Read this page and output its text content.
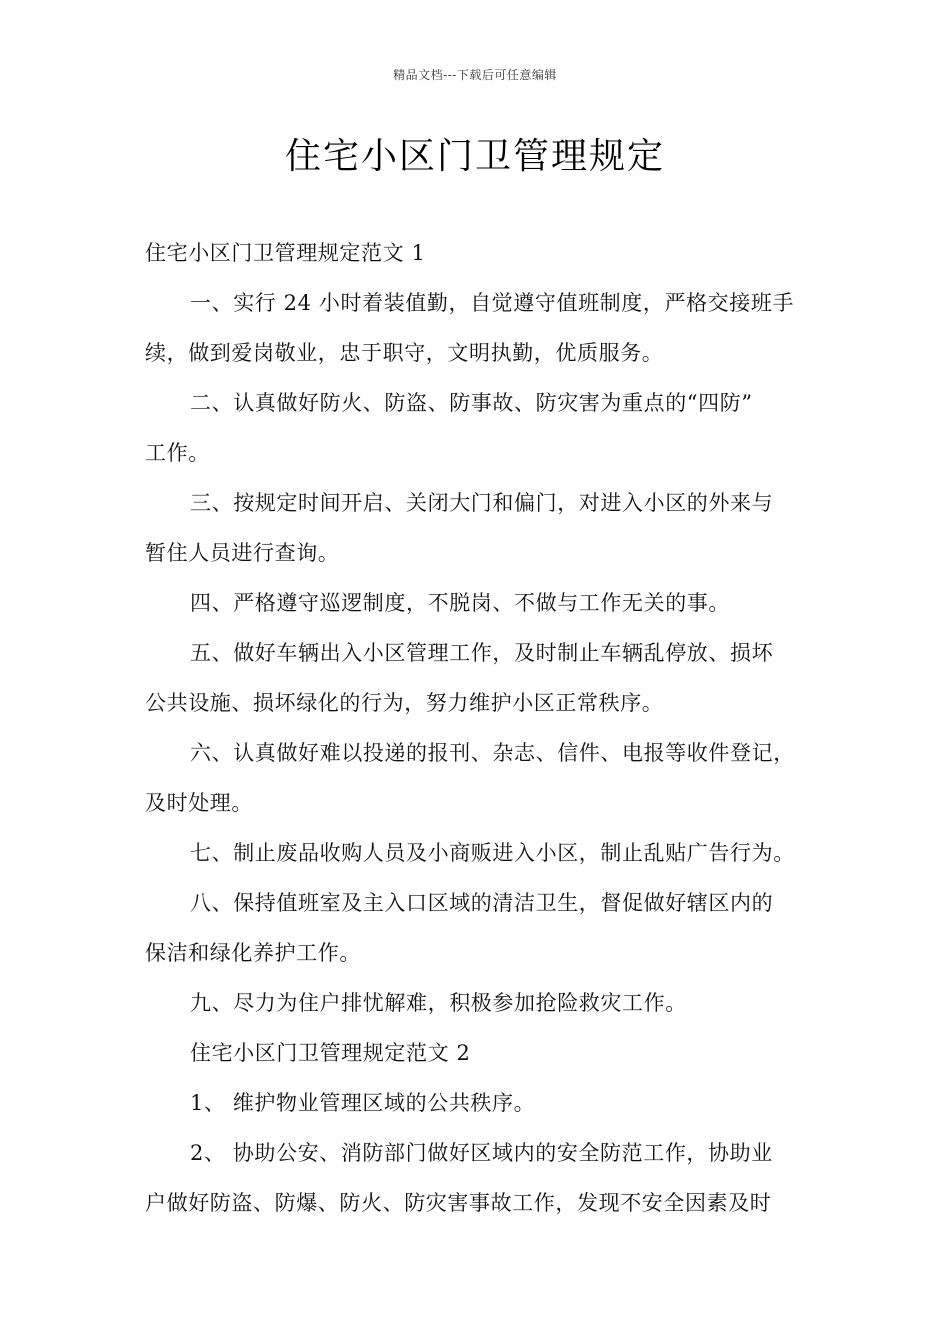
精品文档---下载后可任意编辑
住宅小区门卫管理规定
住宅小区门卫管理规定范文 1
一、实行 24 小时着装值勤，自觉遵守值班制度，严格交接班手
续，做到爱岗敬业，忠于职守，文明执勤，优质服务。
二、认真做好防火、防盗、防事故、防灾害为重点的“四防”
工作。
三、按规定时间开启、关闭大门和偏门，对进入小区的外来与
暂住人员进行查询。
四、严格遵守巡逻制度，不脱岗、不做与工作无关的事。
五、做好车辆出入小区管理工作，及时制止车辆乱停放、损坏
公共设施、损坏绿化的行为，努力维护小区正常秩序。
六、认真做好难以投递的报刊、杂志、信件、电报等收件登记，
及时处理。
七、制止废品收购人员及小商贩进入小区，制止乱贴广告行为。
八、保持值班室及主入口区域的清洁卫生，督促做好辖区内的
保洁和绿化养护工作。
九、尽力为住户排忧解难，积极参加抢险救灾工作。
住宅小区门卫管理规定范文 2
1、 维护物业管理区域的公共秩序。
2、 协助公安、消防部门做好区域内的安全防范工作，协助业
户做好防盗、防爆、防火、防灾害事故工作，发现不安全因素及时
